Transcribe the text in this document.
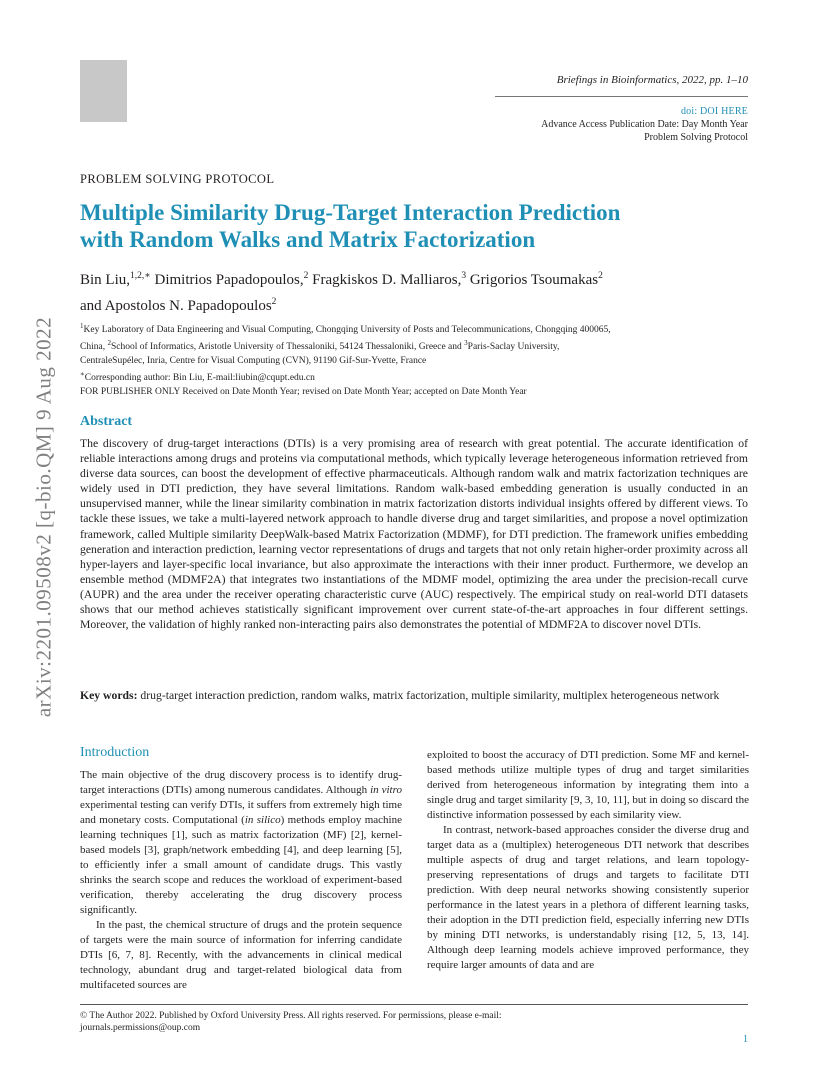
Briefings in Bioinformatics, 2022, pp. 1–10
doi: DOI HERE
Advance Access Publication Date: Day Month Year
Problem Solving Protocol
arXiv:2201.09508v2 [q-bio.QM] 9 Aug 2022
PROBLEM SOLVING PROTOCOL
Multiple Similarity Drug-Target Interaction Prediction
with Random Walks and Matrix Factorization
Bin Liu,$^{1,2,∗}$ Dimitrios Papadopoulos,$^2$ Fragkiskos D. Malliaros,$^3$ Grigorios Tsoumakas$^2$
and Apostolos N. Papadopoulos$^2$
$^1$Key Laboratory of Data Engineering and Visual Computing, Chongqing University of Posts and Telecommunications, Chongqing 400065,
China, $^2$School of Informatics, Aristotle University of Thessaloniki, 54124 Thessaloniki, Greece and $^3$Paris-Saclay University,
CentraleSupélec, Inria, Centre for Visual Computing (CVN), 91190 Gif-Sur-Yvette, France
∗Corresponding author: Bin Liu, E-mail:liubin@cqupt.edu.cn
FOR PUBLISHER ONLY Received on Date Month Year; revised on Date Month Year; accepted on Date Month Year
Abstract
The discovery of drug-target interactions (DTIs) is a very promising area of research with great potential. The accurate identification of reliable interactions among drugs and proteins via computational methods, which typically leverage heterogeneous information retrieved from diverse data sources, can boost the development of effective pharmaceuticals. Although random walk and matrix factorization techniques are widely used in DTI prediction, they have several limitations. Random walk-based embedding generation is usually conducted in an unsupervised manner, while the linear similarity combination in matrix factorization distorts individual insights offered by different views. To tackle these issues, we take a multi-layered network approach to handle diverse drug and target similarities, and propose a novel optimization framework, called Multiple similarity DeepWalk-based Matrix Factorization (MDMF), for DTI prediction. The framework unifies embedding generation and interaction prediction, learning vector representations of drugs and targets that not only retain higher-order proximity across all hyper-layers and layer-specific local invariance, but also approximate the interactions with their inner product. Furthermore, we develop an ensemble method (MDMF2A) that integrates two instantiations of the MDMF model, optimizing the area under the precision-recall curve (AUPR) and the area under the receiver operating characteristic curve (AUC) respectively. The empirical study on real-world DTI datasets shows that our method achieves statistically significant improvement over current state-of-the-art approaches in four different settings. Moreover, the validation of highly ranked non-interacting pairs also demonstrates the potential of MDMF2A to discover novel DTIs.
Key words: drug-target interaction prediction, random walks, matrix factorization, multiple similarity, multiplex heterogeneous network
Introduction

The main objective of the drug discovery process is to identify drug-target interactions (DTIs) among numerous candidates. Although in vitro experimental testing can verify DTIs, it suffers from extremely high time and monetary costs. Computational (in silico) methods employ machine learning techniques [1], such as matrix factorization (MF) [2], kernel-based models [3], graph/network embedding [4], and deep learning [5], to efficiently infer a small amount of candidate drugs. This vastly shrinks the search scope and reduces the workload of experiment-based verification, thereby accelerating the drug discovery process significantly.

In the past, the chemical structure of drugs and the protein sequence of targets were the main source of information for inferring candidate DTIs [6, 7, 8]. Recently, with the advancements in clinical medical technology, abundant drug and target-related biological data from multifaceted sources are

exploited to boost the accuracy of DTI prediction. Some MF and kernel-based methods utilize multiple types of drug and target similarities derived from heterogeneous information by integrating them into a single drug and target similarity [9, 3, 10, 11], but in doing so discard the distinctive information possessed by each similarity view.

In contrast, network-based approaches consider the diverse drug and target data as a (multiplex) heterogeneous DTI network that describes multiple aspects of drug and target relations, and learn topology-preserving representations of drugs and targets to facilitate DTI prediction. With deep neural networks showing consistently superior performance in the latest years in a plethora of different learning tasks, their adoption in the DTI prediction field, especially inferring new DTIs by mining DTI networks, is understandably rising [12, 5, 13, 14]. Although deep learning models achieve improved performance, they require larger amounts of data and are

© The Author 2022. Published by Oxford University Press. All rights reserved. For permissions, please e-mail:
journals.permissions@oup.com
1
